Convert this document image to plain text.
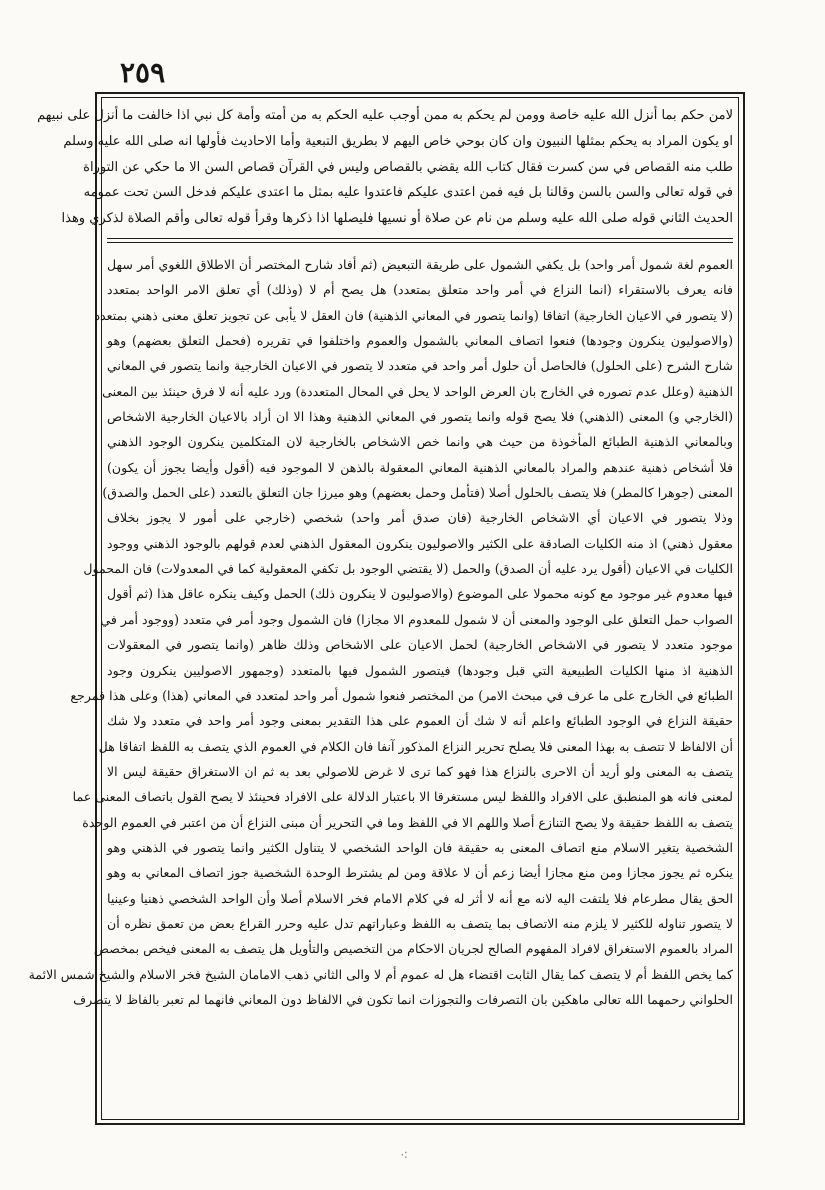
٢٥٩
لامن حكم بما أنزل الله عليه خاصة وومن لم يحكم به ممن أوجب عليه الحكم به من أمته وأمة كل نبي اذا خالفت ما أنزل على نبيهم
او يكون المراد به يحكم بمثلها النبيون وان كان بوحي خاص اليهم لا بطريق التبعية وأما الاحاديث فأولها انه صلى الله عليه وسلم
طلب منه القصاص في سن كسرت فقال كتاب الله يقضي بالقصاص وليس في القرآن قصاص السن الا ما حكي عن التوراة
في قوله تعالى والسن بالسن وقالنا بل فيه فمن اعتدى عليكم فاعتدوا عليه بمثل ما اعتدى عليكم فدخل السن تحت عمومه
الحديث الثاني قوله صلى الله عليه وسلم من نام عن صلاة أو نسيها فليصلها اذا ذكرها وقرأ قوله تعالى وأقم الصلاة لذكري وهذا
العموم لغة شمول أمر واحد) بل يكفي الشمول على طريقة التبعيض (ثم أفاد شارح المختصر أن الاطلاق اللغوي أمر سهل
فانه يعرف بالاستقراء (انما النزاع في أمر واحد متعلق بمتعدد) هل يصح أم لا (وذلك) أي تعلق الامر الواحد بمتعدد
(لا يتصور في الاعيان الخارجية) اتفاقا (وانما يتصور في المعاني الذهنية) فان العقل لا يأبى عن تجويز تعلق معنى ذهني بمتعدد
(والاصوليون ينكرون وجودها) فنعوا اتصاف المعاني بالشمول والعموم واختلفوا في تقريره (فحمل التعلق بعضهم) وهو
شارح الشرح (على الحلول) فالحاصل أن حلول أمر واحد في متعدد لا يتصور في الاعيان الخارجية وانما يتصور في المعاني
الذهنية (وعلل عدم تصوره في الخارج بان العرض الواحد لا يحل في المحال المتعددة) ورد عليه أنه لا فرق حينئذ بين المعنى
(الخارجي و) المعنى (الذهني) فلا يصح قوله وانما يتصور في المعاني الذهنية وهذا الا ان أراد بالاعيان الخارجية الاشخاص
وبالمعاني الذهنية الطبائع المأخوذة من حيث هي وانما خص الاشخاص بالخارجية لان المتكلمين ينكرون الوجود الذهني
فلا أشخاص ذهنية عندهم والمراد بالمعاني الذهنية المعاني المعقولة بالذهن لا الموجود فيه (أقول وأيضا يجوز أن يكون)
المعنى (جوهرا كالمطر) فلا يتصف بالحلول أصلا (فتأمل وحمل بعضهم) وهو ميرزا جان التعلق بالتعدد (على الحمل والصدق)
وذلا يتصور في الاعيان أي الاشخاص الخارجية (فان صدق أمر واحد) شخصي (خارجي على أمور لا يجوز بخلاف
معقول ذهني) اذ منه الكليات الصادقة على الكثير والاصوليون ينكرون المعقول الذهني لعدم قولهم بالوجود الذهني ووجود
الكليات في الاعيان (أقول يرد عليه أن الصدق) والحمل (لا يقتضي الوجود بل تكفي المعقولية كما في المعدولات) فان المحمول
فيها معدوم غير موجود مع كونه محمولا على الموضوع (والاصوليون لا ينكرون ذلك) الحمل وكيف ينكره عاقل هذا (ثم أقول
الصواب حمل التعلق على الوجود والمعنى أن لا شمول للمعدوم الا مجازا) فان الشمول وجود أمر في متعدد (ووجود أمر في
موجود متعدد لا يتصور في الاشخاص الخارجية) لحمل الاعيان على الاشخاص وذلك ظاهر (وانما يتصور في المعقولات
الذهنية اذ منها الكليات الطبيعية التي قبل وجودها) فيتصور الشمول فيها بالمتعدد (وجمهور الاصوليين ينكرون وجود
الطبائع في الخارج على ما عرف في مبحث الامر) من المختصر فنعوا شمول أمر واحد لمتعدد في المعاني (هذا) وعلى هذا فمرجع
حقيقة النزاع في الوجود الطبائع واعلم أنه لا شك أن العموم على هذا التقدير بمعنى وجود أمر واحد في متعدد ولا شك
أن الالفاظ لا تتصف به بهذا المعنى فلا يصلح تحرير النزاع المذكور آنفا فان الكلام في العموم الذي يتصف به اللفظ اتفاقا هل
يتصف به المعنى ولو أريد أن الاحرى بالنزاع هذا فهو كما ترى لا غرض للاصولي بعد به ثم ان الاستغراق حقيقة ليس الا
لمعنى فانه هو المنطبق على الافراد واللفظ ليس مستغرقا الا باعتبار الدلالة على الافراد فحينئذ لا يصح القول باتصاف المعنى عما
يتصف به اللفظ حقيقة ولا يصح التنازع أصلا واللهم الا في اللفظ وما في التحرير أن مبنى النزاع أن من اعتبر في العموم الوحدة
الشخصية يتغير الاسلام منع اتصاف المعنى به حقيقة فان الواحد الشخصي لا يتناول الكثير وانما يتصور في الذهني وهو
ينكره ثم يجوز مجازا ومن منع مجازا أيضا زعم أن لا علاقة ومن لم يشترط الوحدة الشخصية جوز اتصاف المعاني به وهو
الحق يقال مطرعام فلا يلتفت اليه لانه مع أنه لا أثر له في كلام الامام فخر الاسلام أصلا وأن الواحد الشخصي ذهنيا وعينيا
لا يتصور تناوله للكثير لا يلزم منه الاتصاف بما يتصف به اللفظ وعباراتهم تدل عليه وحرر القراع بعض من تعمق نظره أن
المراد بالعموم الاستغراق لافراد المفهوم الصالح لجريان الاحكام من التخصيص والتأويل هل يتصف به المعنى فيخص بمخصص
كما يخص اللفظ أم لا يتصف كما يقال الثابت اقتضاء هل له عموم أم لا والى الثاني ذهب الامامان الشيخ فخر الاسلام والشيخ شمس الائمة
الحلواني رحمهما الله تعالى ماهكين بان التصرفات والتجوزات انما تكون في الالفاظ دون المعاني فانهما لم تعبر بالفاظ لا يتصرف
⁖
